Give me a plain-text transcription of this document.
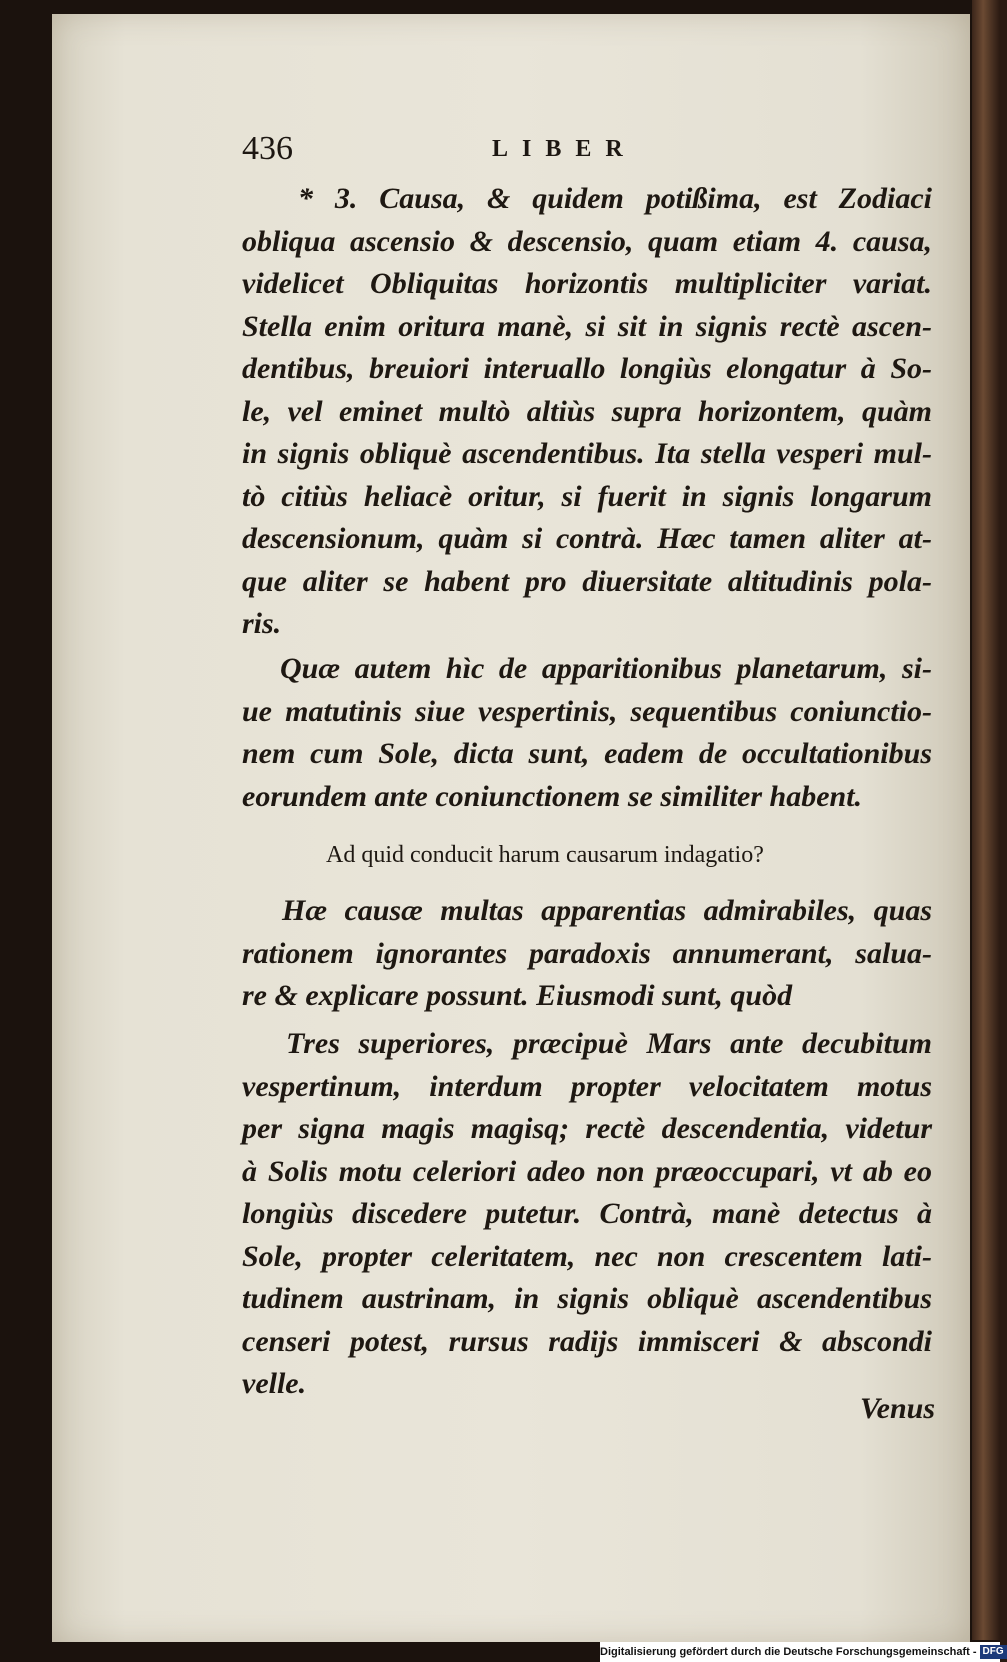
436	LIBER
* 3. Causa, & quidem potißima, est Zodiaci
obliqua ascensio & descensio, quam etiam 4. causa,
videlicet Obliquitas horizontis multipliciter variat.
Stella enim oritura manè, si sit in signis rectè ascen-
dentibus, breuiori interuallo longiùs elongatur à So-
le, vel eminet multò altiùs supra horizontem, quàm
in signis obliquè ascendentibus. Ita stella vesperi mul-
tò citiùs heliacè oritur, si fuerit in signis longarum
descensionum, quàm si contrà. Hæc tamen aliter at-
que aliter se habent pro diuersitate altitudinis pola-
ris.
Quæ autem hìc de apparitionibus planetarum, si-
ue matutinis siue vespertinis, sequentibus coniunctio-
nem cum Sole, dicta sunt, eadem de occultationibus
eorundem ante coniunctionem se similiter habent.
Ad quid conducit harum causarum indagatio?
Hæ causæ multas apparentias admirabiles, quas
rationem ignorantes paradoxis annumerant, salua-
re & explicare possunt. Eiusmodi sunt, quòd
Tres superiores, præcipuè Mars ante decubitum
vespertinum, interdum propter velocitatem motus
per signa magis magisq; rectè descendentia, videtur
à Solis motu celeriori adeo non præoccupari, vt ab eo
longiùs discedere putetur. Contrà, manè detectus à
Sole, propter celeritatem, nec non crescentem lati-
tudinem austrinam, in signis obliquè ascendentibus
censeri potest, rursus radijs immisceri & abscondi
velle.
Venus
Digitalisierung gefördert durch die Deutsche Forschungsgemeinschaft - DFG
